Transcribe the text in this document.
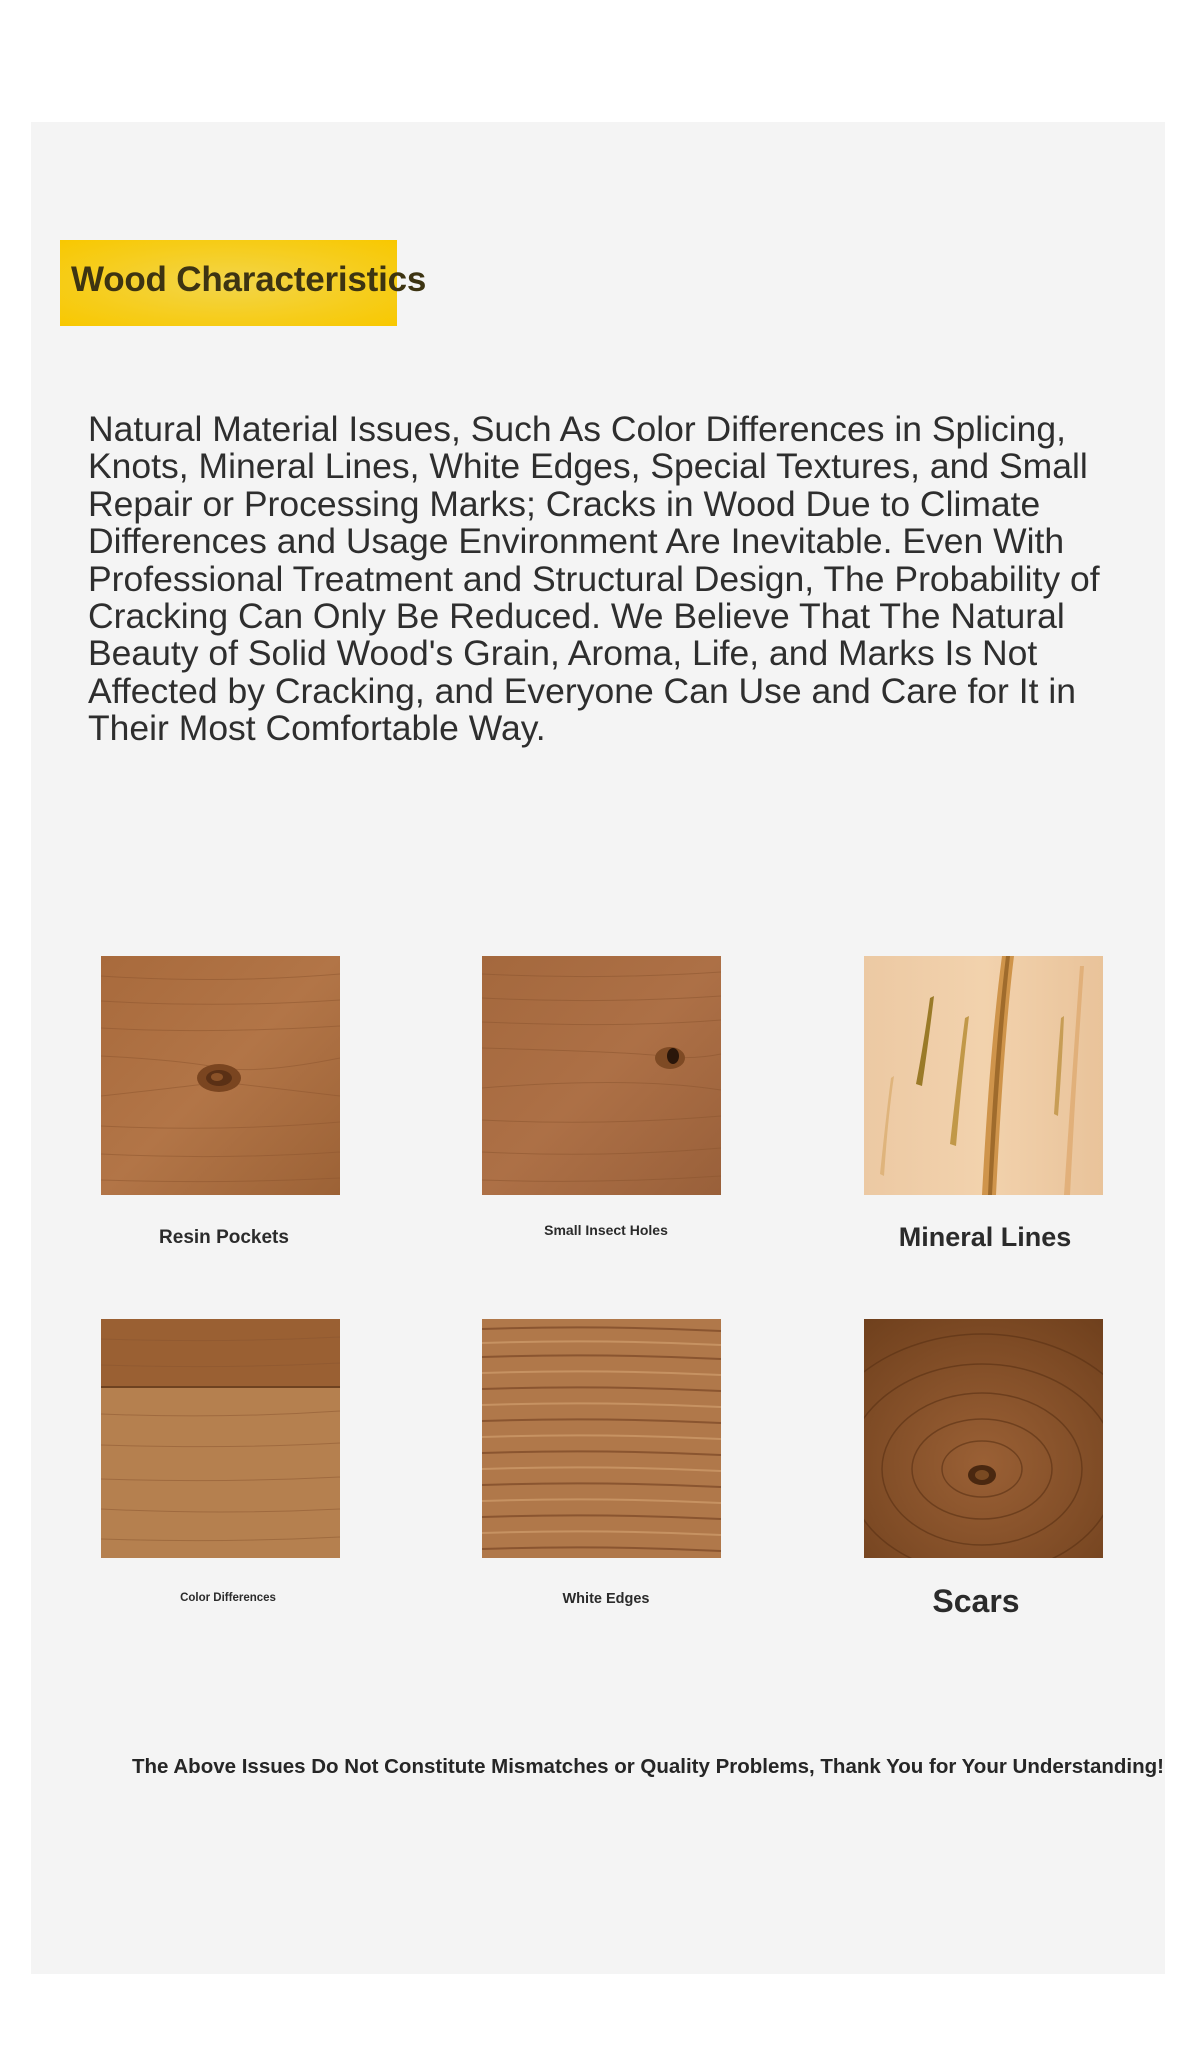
Wood Characteristics

Natural Material Issues, Such As Color Differences in Splicing, Knots, Mineral Lines, White Edges, Special Textures, and Small Repair or Processing Marks; Cracks in Wood Due to Climate Differences and Usage Environment Are Inevitable. Even With Professional Treatment and Structural Design, The Probability of Cracking Can Only Be Reduced. We Believe That The Natural Beauty of Solid Wood's Grain, Aroma, Life, and Marks Is Not Affected by Cracking, and Everyone Can Use and Care for It in Their Most Comfortable Way.

Resin Pockets	Small Insect Holes	Mineral Lines
Color Differences	White Edges	Scars
The Above Issues Do Not Constitute Mismatches or Quality Problems, Thank You for Your Understanding!
